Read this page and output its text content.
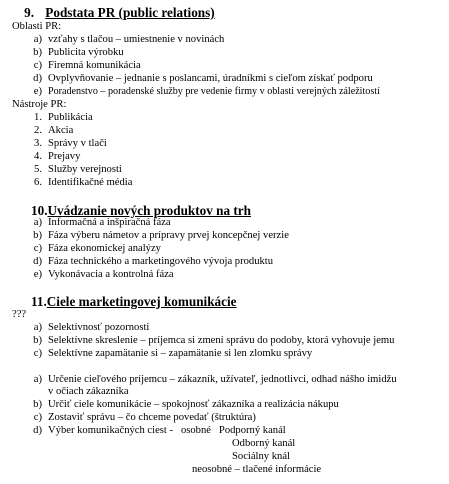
9. Podstata PR (public relations)
Oblasti PR:
a) vzťahy s tlačou – umiestnenie v novinách
b) Publicita výrobku
c) Firemná komunikácia
d) Ovplyvňovanie – jednanie s poslancami, úradníkmi s cieľom získať podporu
e) Poradenstvo – poradenské služby pre vedenie firmy v oblasti verejných záležitostí
Nástroje PR:
1. Publikácia
2. Akcia
3. Správy v tlači
4. Prejavy
5. Služby verejnosti
6. Identifikačné média
10.Uvádzanie nových produktov na trh
a) Informačná a inšpiračná fáza
b) Fáza výberu námetov a prípravy prvej koncepčnej verzie
c) Fáza ekonomickej analýzy
d) Fáza technického a marketingového vývoja produktu
e) Vykonávacia a kontrolná fáza
11.Ciele marketingovej komunikácie
???
a) Selektívnosť pozornosti
b) Selektívne skreslenie – príjemca si zmení správu do podoby, ktorá vyhovuje jemu
c) Selektívne zapamätanie si – zapamätanie si len zlomku správy
a) Určenie cieľového príjemcu – zákazník, užívateľ, jednotlivci, odhad nášho imidžu
v očiach zákazníka
b) Určiť ciele komunikácie – spokojnosť zákazníka a realizácia nákupu
c) Zostaviť správu – čo chceme povedať (štruktúra)
d) Výber komunikačných ciest -   osobné   Podporný kanál
Odborný kanál
Sociálny knál
neosobné – tlačené informácie
